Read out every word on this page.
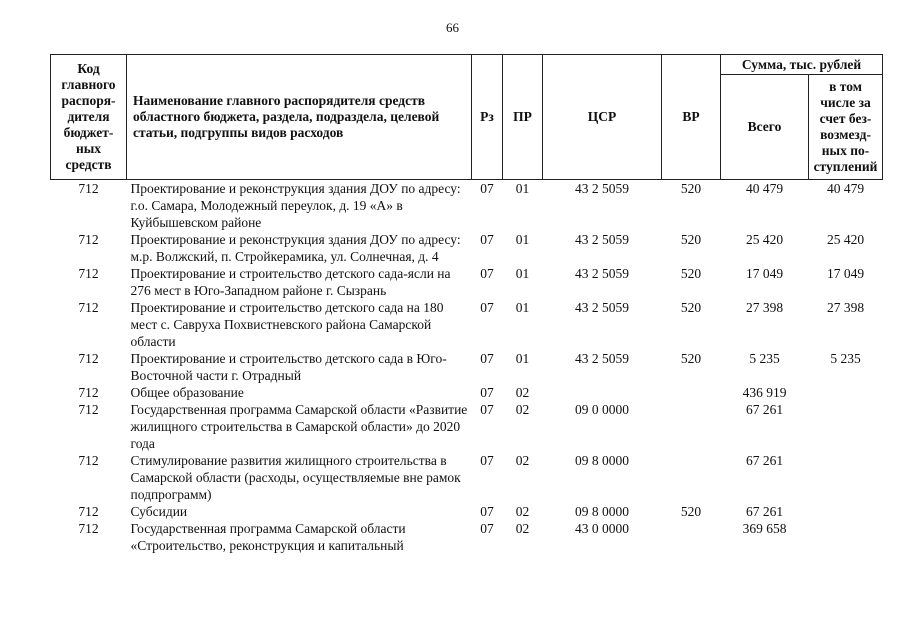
66
Код главного распоря-дителя бюджет-ных средств	Наименование главного распорядителя средств областного бюджета, раздела, подраздела, целевой статьи, подгруппы видов расходов	Рз	ПР	ЦСР	ВР	Сумма, тыс. рублей	
						Всего	в том числе за счет без-возмезд-ных по-ступлений
712	Проектирование и реконструкция здания ДОУ по адресу: г.о. Самара, Молодежный переулок, д. 19 «А» в Куйбышевском районе	07	01	43 2 5059	520	40 479	40 479
712	Проектирование и реконструкция здания ДОУ по адресу: м.р. Волжский, п. Стройкерамика, ул. Солнечная, д. 4	07	01	43 2 5059	520	25 420	25 420
712	Проектирование и строительство детского сада-ясли на 276 мест в Юго-Западном районе г. Сызрань	07	01	43 2 5059	520	17 049	17 049
712	Проектирование и строительство детского сада на 180 мест с. Савруха Похвистневского района Самарской области	07	01	43 2 5059	520	27 398	27 398
712	Проектирование и строительство детского сада в Юго-Восточной части г. Отрадный	07	01	43 2 5059	520	5 235	5 235
712	Общее образование	07	02			436 919	
712	Государственная программа Самарской области «Развитие жилищного строительства в Самарской области» до 2020 года	07	02	09 0 0000		67 261	
712	Стимулирование развития жилищного строительства в Самарской области (расходы, осуществляемые вне рамок подпрограмм)	07	02	09 8 0000		67 261	
712	Субсидии	07	02	09 8 0000	520	67 261	
712	Государственная программа Самарской области «Строительство, реконструкция и капитальный	07	02	43 0 0000		369 658	
